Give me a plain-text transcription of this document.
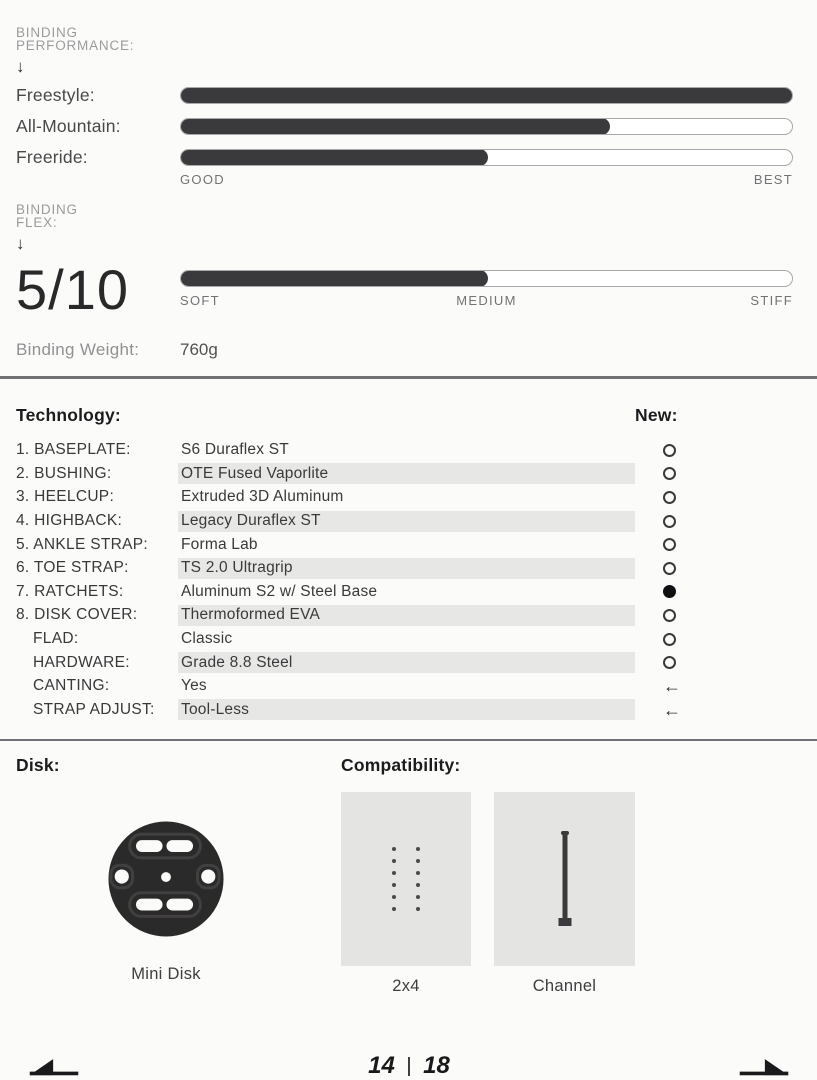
BINDING
PERFORMANCE:
↓
Freestyle:
All-Mountain:
Freeride:
GOOD	BEST
BINDING
FLEX:
↓
5/10	SOFT	MEDIUM	STIFF
Binding Weight:	760g
Technology:	New:
1. BASEPLATE:	S6 Duraflex ST
2. BUSHING:	OTE Fused Vaporlite
3. HEELCUP:	Extruded 3D Aluminum
4. HIGHBACK:	Legacy Duraflex ST
5. ANKLE STRAP:	Forma Lab
6. TOE STRAP:	TS 2.0 Ultragrip
7. RATCHETS:	Aluminum S2 w/ Steel Base
8. DISK COVER:	Thermoformed EVA
FLAD:	Classic
HARDWARE:	Grade 8.8 Steel
CANTING:	Yes	←
STRAP ADJUST:	Tool-Less	←
Disk:
Mini Disk
Compatibility:
2x4	Channel
14 | 18
